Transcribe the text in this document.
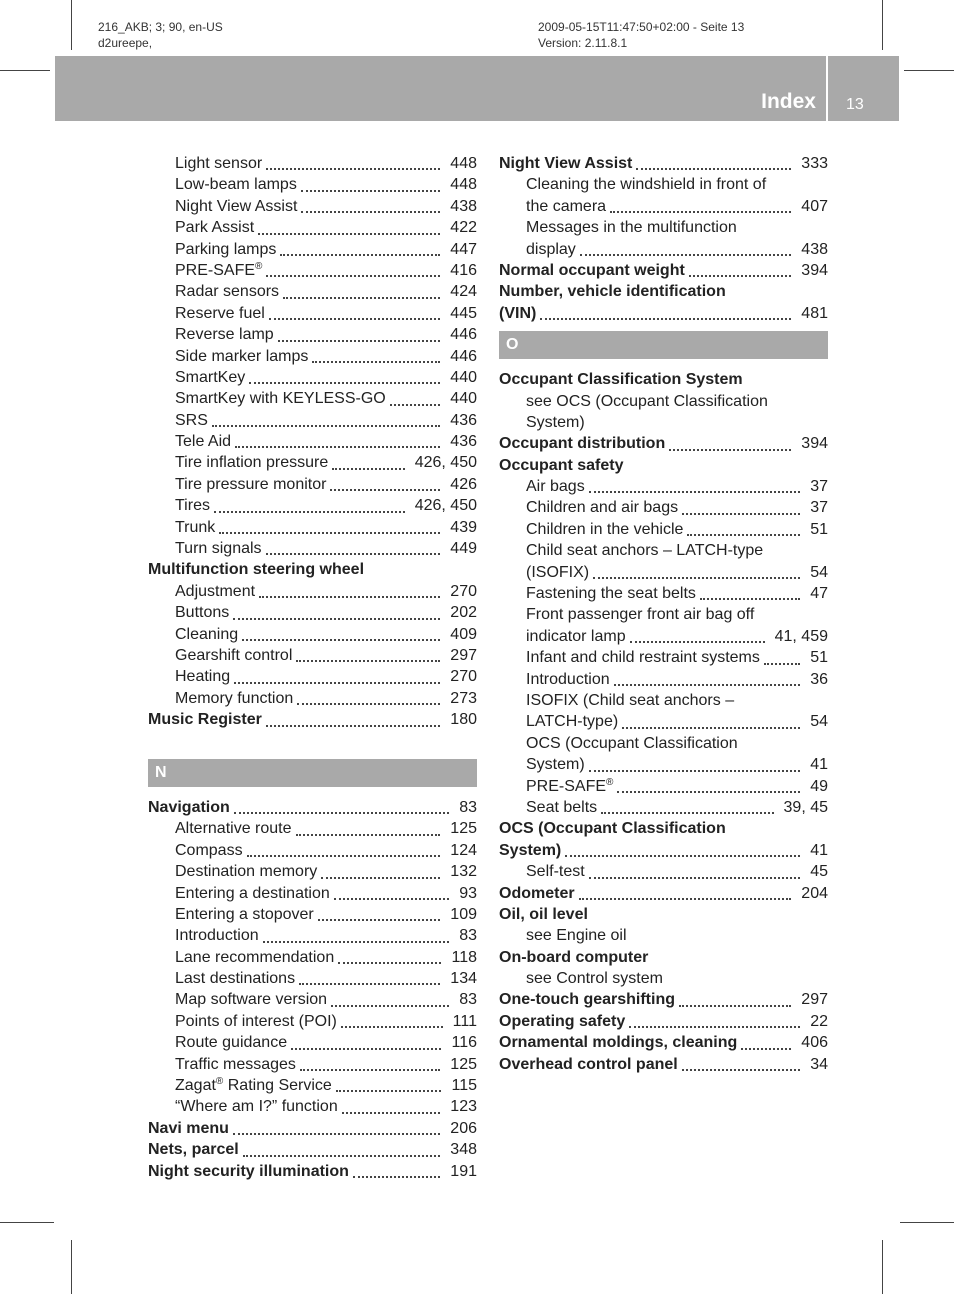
216_AKB; 3; 90, en-US
d2ureepe,
2009-05-15T11:47:50+02:00 - Seite 13
Version: 2.11.8.1
Index 13
Light sensor	448
Low-beam lamps	448
Night View Assist	438
Park Assist	422
Parking lamps	447
PRE-SAFE®	416
Radar sensors	424
Reserve fuel	445
Reverse lamp	446
Side marker lamps	446
SmartKey	440
SmartKey with KEYLESS-GO	440
SRS	436
Tele Aid	436
Tire inflation pressure	426, 450
Tire pressure monitor	426
Tires	426, 450
Trunk	439
Turn signals	449
Multifunction steering wheel
Adjustment	270
Buttons	202
Cleaning	409
Gearshift control	297
Heating	270
Memory function	273
Music Register	180
N
Navigation	83
Alternative route	125
Compass	124
Destination memory	132
Entering a destination	93
Entering a stopover	109
Introduction	83
Lane recommendation	118
Last destinations	134
Map software version	83
Points of interest (POI)	111
Route guidance	116
Traffic messages	125
Zagat® Rating Service	115
“Where am I?” function	123
Navi menu	206
Nets, parcel	348
Night security illumination	191
Night View Assist	333
Cleaning the windshield in front of
the camera	407
Messages in the multifunction
display	438
Normal occupant weight	394
Number, vehicle identification
(VIN)	481
O
Occupant Classification System
see OCS (Occupant Classification
System)
Occupant distribution	394
Occupant safety
Air bags	37
Children and air bags	37
Children in the vehicle	51
Child seat anchors – LATCH-type
(ISOFIX)	54
Fastening the seat belts	47
Front passenger front air bag off
indicator lamp	41, 459
Infant and child restraint systems	51
Introduction	36
ISOFIX (Child seat anchors –
LATCH-type)	54
OCS (Occupant Classification
System)	41
PRE-SAFE®	49
Seat belts	39, 45
OCS (Occupant Classification
System)	41
Self-test	45
Odometer	204
Oil, oil level
see Engine oil
On-board computer
see Control system
One-touch gearshifting	297
Operating safety	22
Ornamental moldings, cleaning	406
Overhead control panel	34
